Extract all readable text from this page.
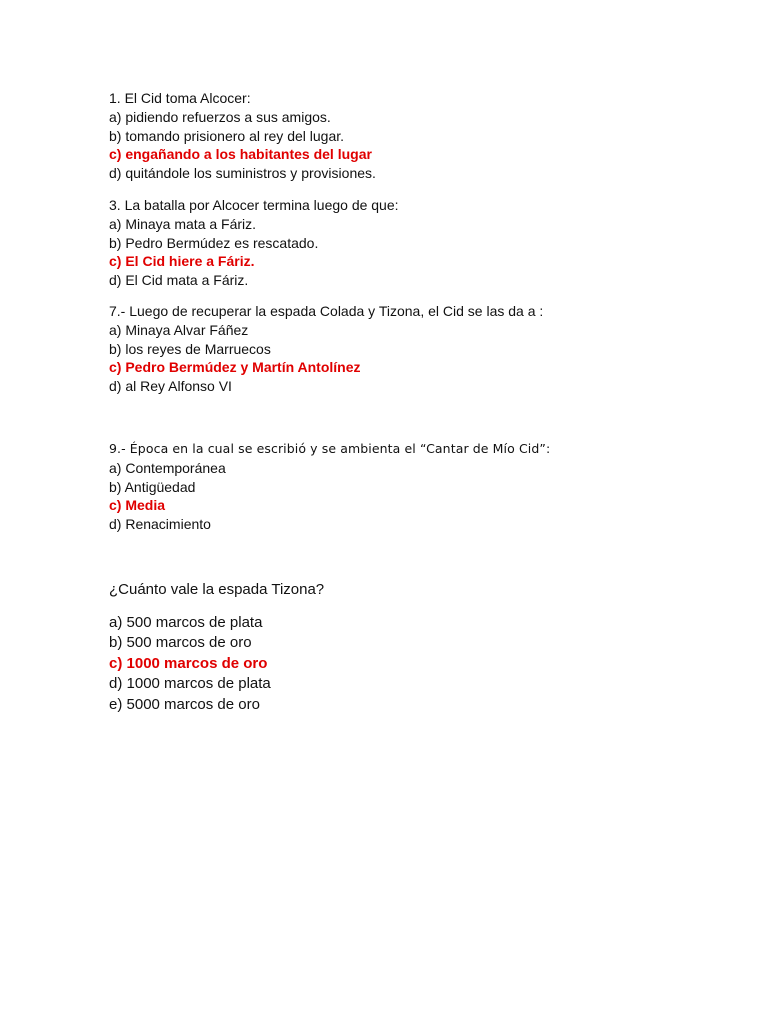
1. El Cid toma Alcocer:
a) pidiendo refuerzos a sus amigos.
b) tomando prisionero al rey del lugar.
c) engañando a los habitantes del lugar
d) quitándole los suministros y provisiones.
3. La batalla por Alcocer termina luego de que:
a) Minaya mata a Fáriz.
b) Pedro Bermúdez es rescatado.
c) El Cid hiere a Fáriz.
d) El Cid mata a Fáriz.
7.- Luego de recuperar la espada Colada y Tizona, el Cid se las da a :
a) Minaya Alvar Fáñez
b) los reyes de Marruecos
c) Pedro Bermúdez y Martín Antolínez
d) al Rey Alfonso VI
9.- Época en la cual se escribió y se ambienta el “Cantar de Mío Cid”:
a) Contemporánea
b) Antigüedad
c) Media
d) Renacimiento
¿Cuánto vale la espada Tizona?
a) 500 marcos de plata
b) 500 marcos de oro
c) 1000 marcos de oro
d) 1000 marcos de plata
e) 5000 marcos de oro
